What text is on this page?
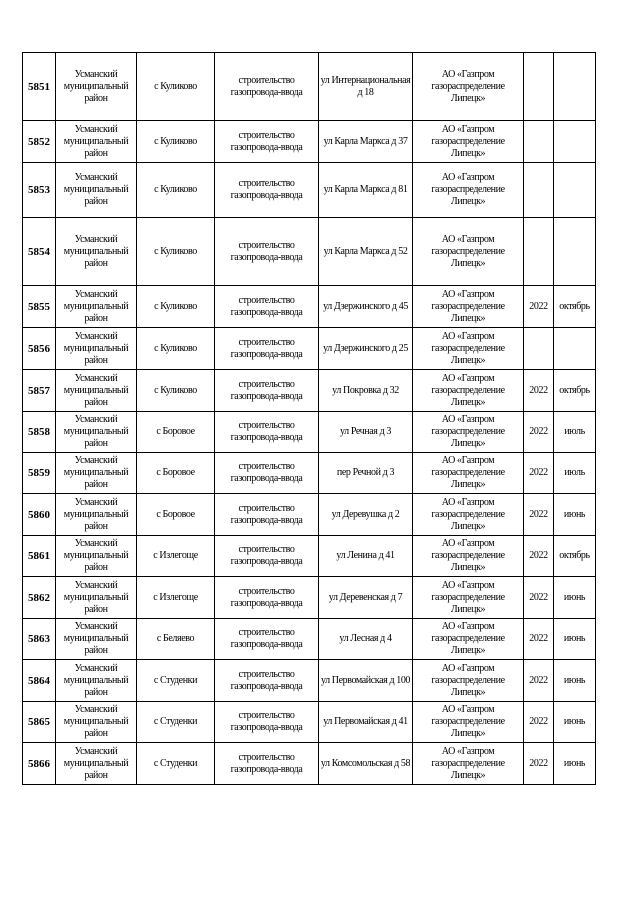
5851	Усманский муниципальный район	с Куликово	строительство газопровода-ввода	ул Интернациональная д 18	АО «Газпром газораспределение Липецк»		
5852	Усманский муниципальный район	с Куликово	строительство газопровода-ввода	ул Карла Маркса д 37	АО «Газпром газораспределение Липецк»		
5853	Усманский муниципальный район	с Куликово	строительство газопровода-ввода	ул Карла Маркса д 81	АО «Газпром газораспределение Липецк»		
5854	Усманский муниципальный район	с Куликово	строительство газопровода-ввода	ул Карла Маркса д 52	АО «Газпром газораспределение Липецк»		
5855	Усманский муниципальный район	с Куликово	строительство газопровода-ввода	ул Дзержинского д 45	АО «Газпром газораспределение Липецк»	2022	октябрь
5856	Усманский муниципальный район	с Куликово	строительство газопровода-ввода	ул Дзержинского д 25	АО «Газпром газораспределение Липецк»		
5857	Усманский муниципальный район	с Куликово	строительство газопровода-ввода	ул Покровка д 32	АО «Газпром газораспределение Липецк»	2022	октябрь
5858	Усманский муниципальный район	с Боровое	строительство газопровода-ввода	ул Речная д 3	АО «Газпром газораспределение Липецк»	2022	июль
5859	Усманский муниципальный район	с Боровое	строительство газопровода-ввода	пер Речной д 3	АО «Газпром газораспределение Липецк»	2022	июль
5860	Усманский муниципальный район	с Боровое	строительство газопровода-ввода	ул Деревушка д 2	АО «Газпром газораспределение Липецк»	2022	июнь
5861	Усманский муниципальный район	с Излегоще	строительство газопровода-ввода	ул Ленина д 41	АО «Газпром газораспределение Липецк»	2022	октябрь
5862	Усманский муниципальный район	с Излегоще	строительство газопровода-ввода	ул Деревенская д 7	АО «Газпром газораспределение Липецк»	2022	июнь
5863	Усманский муниципальный район	с Беляево	строительство газопровода-ввода	ул Лесная д 4	АО «Газпром газораспределение Липецк»	2022	июнь
5864	Усманский муниципальный район	с Студенки	строительство газопровода-ввода	ул Первомайская д 100	АО «Газпром газораспределение Липецк»	2022	июнь
5865	Усманский муниципальный район	с Студенки	строительство газопровода-ввода	ул Первомайская д 41	АО «Газпром газораспределение Липецк»	2022	июнь
5866	Усманский муниципальный район	с Студенки	строительство газопровода-ввода	ул Комсомольская д 58	АО «Газпром газораспределение Липецк»	2022	июнь
